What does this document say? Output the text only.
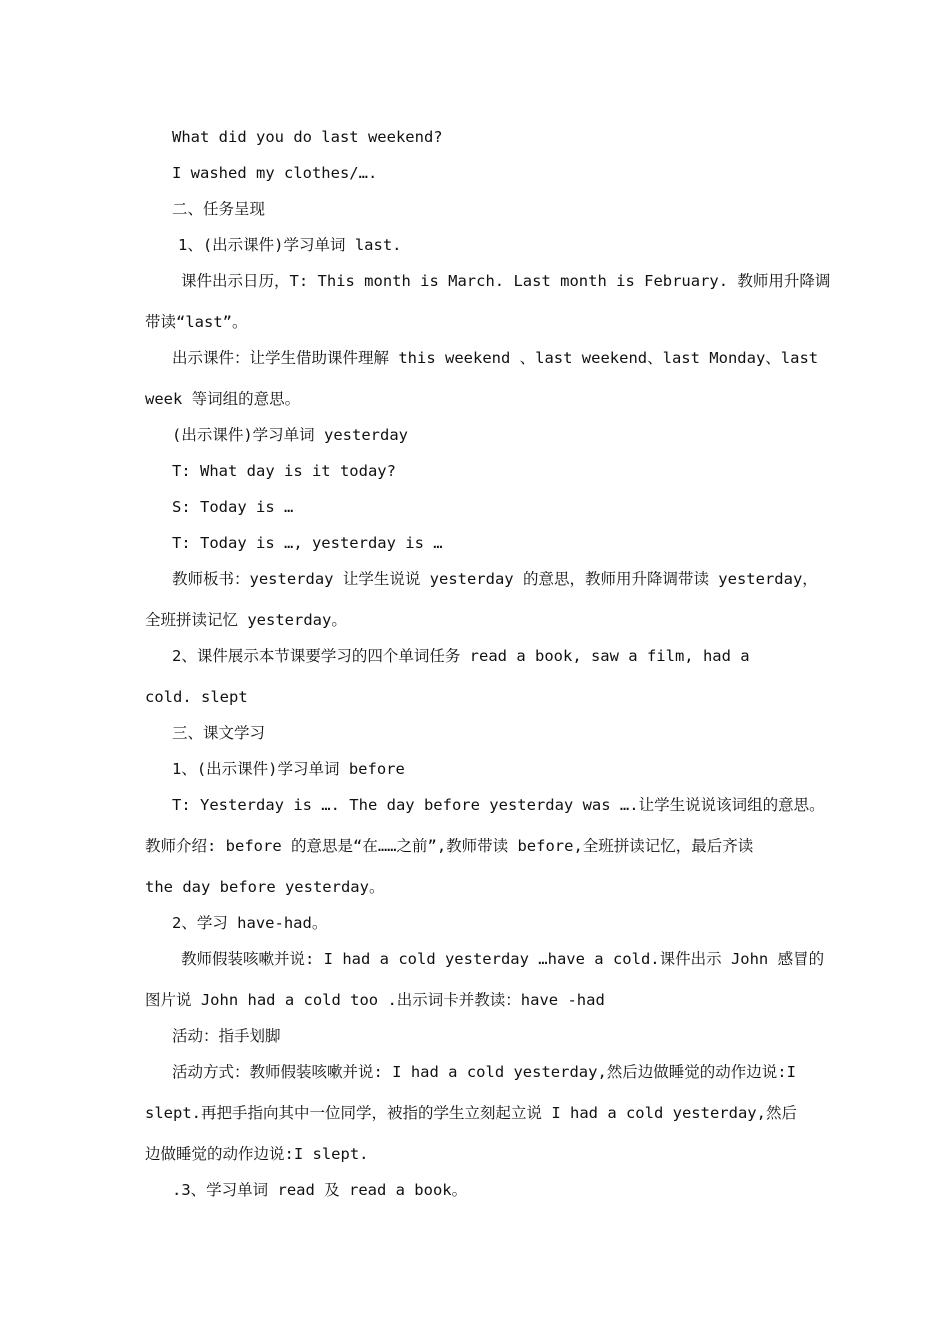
What did you do last weekend?
I washed my clothes/….
二、任务呈现
1、(出示课件)学习单词 last.
课件出示日历，T: This month is March. Last month is February. 教师用升降调
带读“last”。
出示课件：让学生借助课件理解 this weekend 、last weekend、last Monday、last
week 等词组的意思。
(出示课件)学习单词 yesterday
T: What day is it today?
S: Today is …
T: Today is …, yesterday is …
教师板书：yesterday 让学生说说 yesterday 的意思，教师用升降调带读 yesterday，
全班拼读记忆 yesterday。
2、课件展示本节课要学习的四个单词任务 read a book, saw a film, had a
cold. slept
三、课文学习
1、(出示课件)学习单词 before
T: Yesterday is …. The day before yesterday was ….让学生说说该词组的意思。
教师介绍: before 的意思是“在……之前”,教师带读 before,全班拼读记忆，最后齐读
the day before yesterday。
2、学习 have-had。
教师假装咳嗽并说: I had a cold yesterday …have a cold.课件出示 John 感冒的
图片说 John had a cold too .出示词卡并教读：have -had
活动：指手划脚
活动方式：教师假装咳嗽并说: I had a cold yesterday,然后边做睡觉的动作边说:I
slept.再把手指向其中一位同学，被指的学生立刻起立说 I had a cold yesterday,然后
边做睡觉的动作边说:I slept.
.3、学习单词 read 及 read a book。
